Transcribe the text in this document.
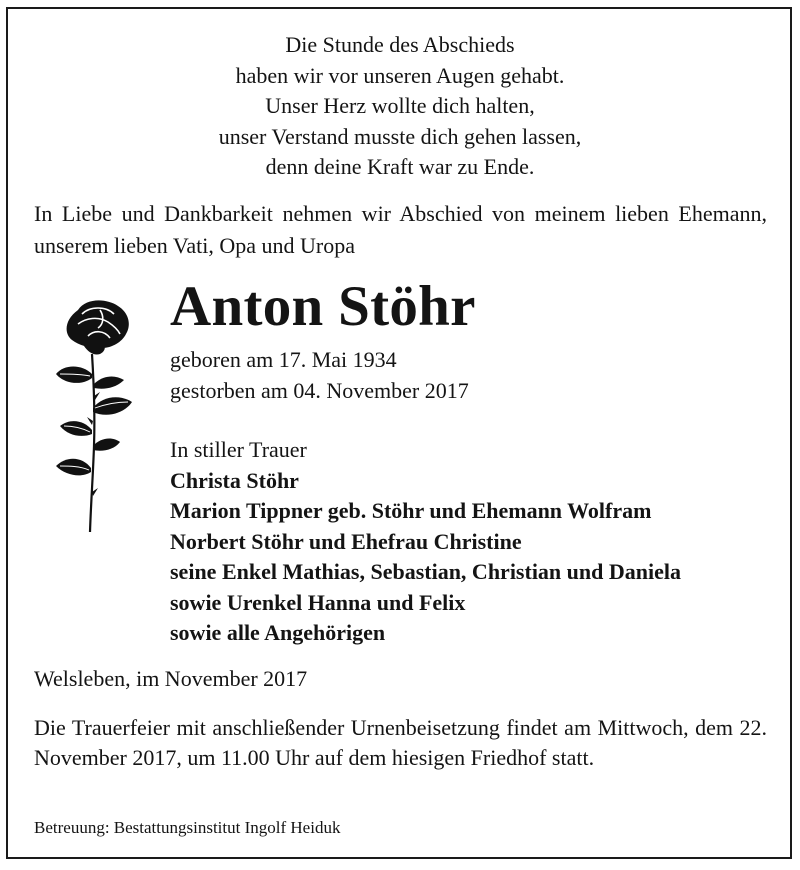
Die Stunde des Abschieds
haben wir vor unseren Augen gehabt.
Unser Herz wollte dich halten,
unser Verstand musste dich gehen lassen,
denn deine Kraft war zu Ende.
In Liebe und Dankbarkeit nehmen wir Abschied von meinem lieben Ehemann, unserem lieben Vati, Opa und Uropa
Anton Stöhr
geboren am 17. Mai 1934
gestorben am 04. November 2017
In stiller Trauer
Christa Stöhr
Marion Tippner geb. Stöhr und Ehemann Wolfram
Norbert Stöhr und Ehefrau Christine
seine Enkel Mathias, Sebastian, Christian und Daniela
sowie Urenkel Hanna und Felix
sowie alle Angehörigen
Welsleben, im November 2017
Die Trauerfeier mit anschließender Urnenbeisetzung findet am Mittwoch, dem 22. November 2017, um 11.00 Uhr auf dem hiesigen Friedhof statt.
Betreuung: Bestattungsinstitut Ingolf Heiduk
